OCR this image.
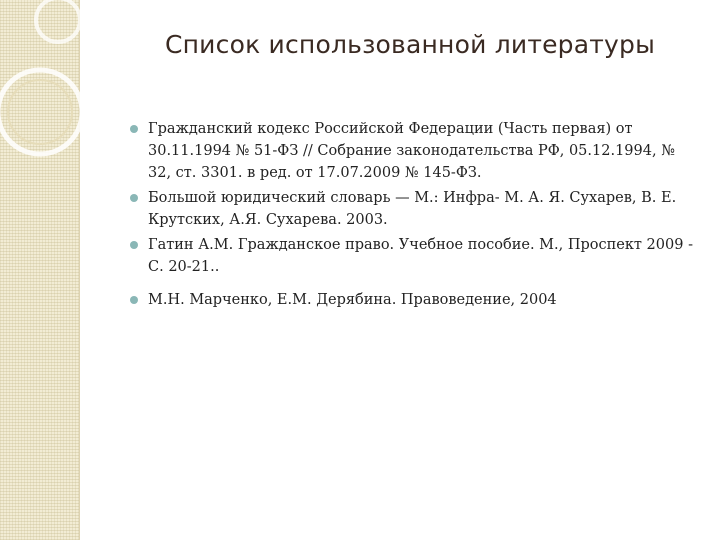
Список использованной литературы
Гражданский кодекс Российской Федерации (Часть первая) от 30.11.1994 № 51-ФЗ // Собрание законодательства РФ, 05.12.1994, № 32, ст. 3301. в ред. от 17.07.2009 № 145-ФЗ.
Большой юридический словарь — М.: Инфра- М. А. Я. Сухарев, В. Е. Крутских, А.Я. Сухарева. 2003.
Гатин А.М. Гражданское право. Учебное пособие. М., Проспект 2009 - С. 20-21..
М.Н. Марченко, Е.М. Дерябина. Правоведение, 2004
